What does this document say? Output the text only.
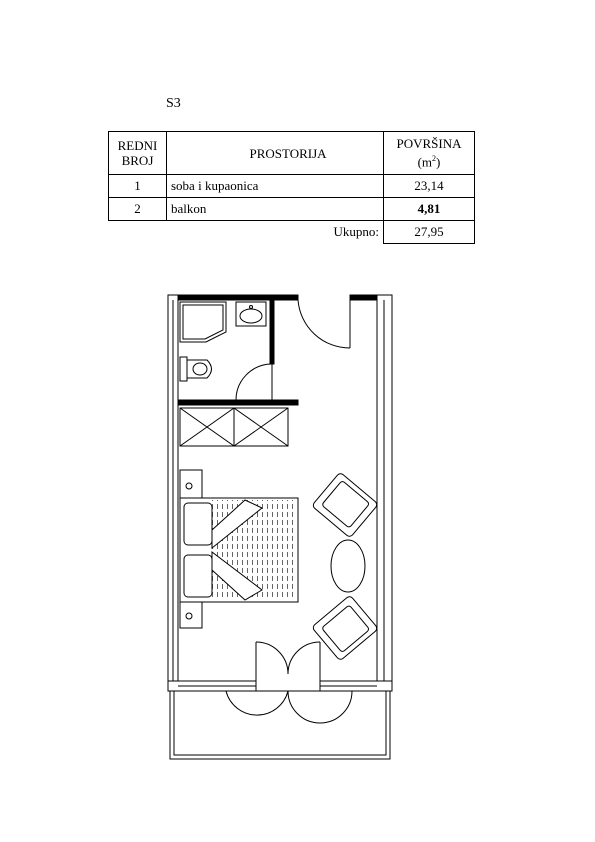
S3
REDNI
BROJ	PROSTORIJA	POVRŠINA
$(m^2)$
1	soba i kupaonica	23,14
2	balkon	4,81
	Ukupno:	27,95
